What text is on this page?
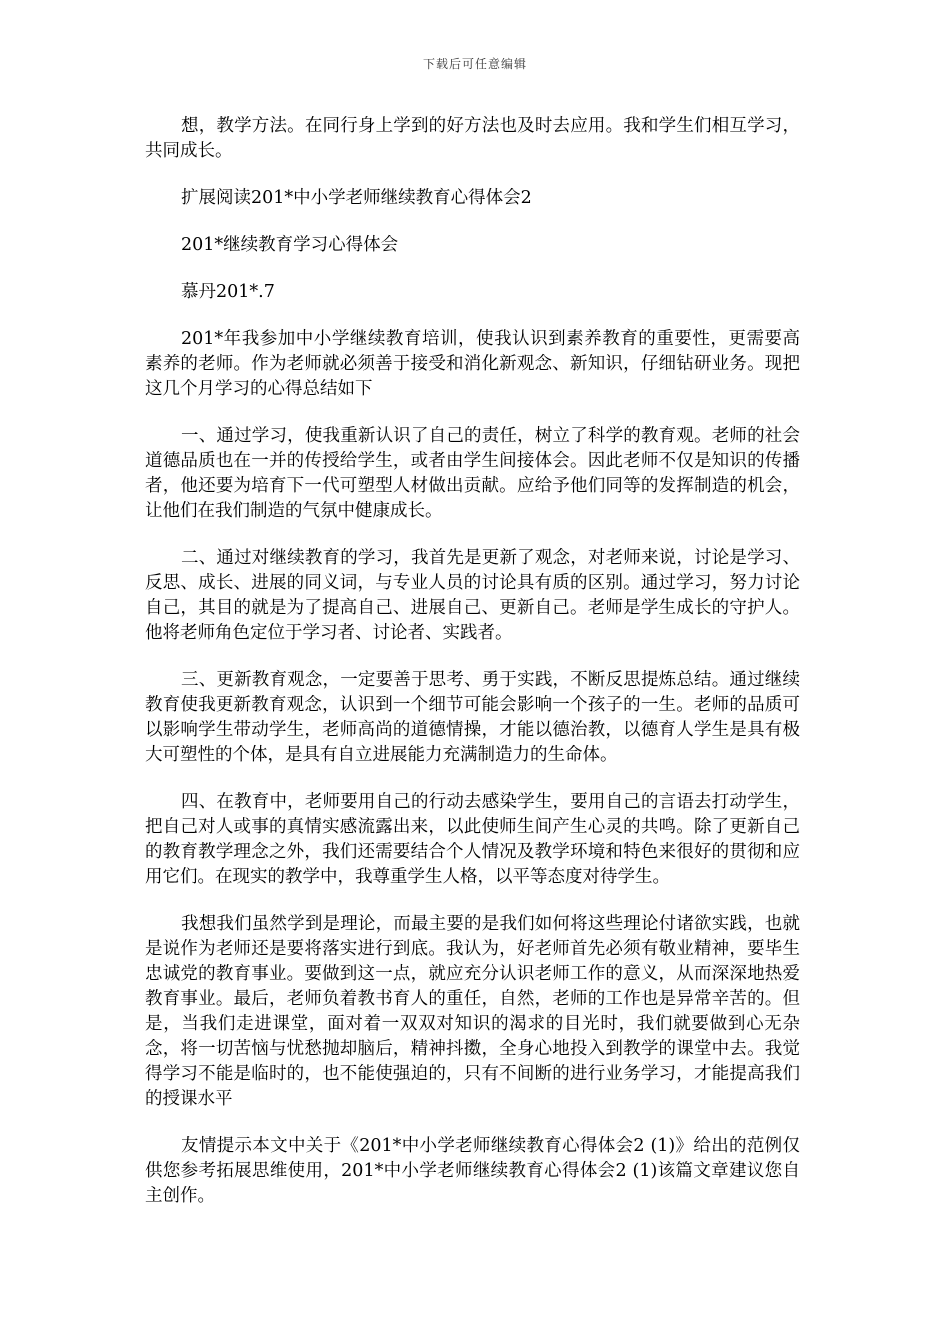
下载后可任意编辑

想，教学方法。在同行身上学到的好方法也及时去应用。我和学生们相互学习，共同成长。

扩展阅读201*中小学老师继续教育心得体会2

201*继续教育学习心得体会

慕丹201*.7

201*年我参加中小学继续教育培训，使我认识到素养教育的重要性，更需要高素养的老师。作为老师就必须善于接受和消化新观念、新知识，仔细钻研业务。现把这几个月学习的心得总结如下

一、通过学习，使我重新认识了自己的责任，树立了科学的教育观。老师的社会道德品质也在一并的传授给学生，或者由学生间接体会。因此老师不仅是知识的传播者，他还要为培育下一代可塑型人材做出贡献。应给予他们同等的发挥制造的机会，让他们在我们制造的气氛中健康成长。

二、通过对继续教育的学习，我首先是更新了观念，对老师来说，讨论是学习、反思、成长、进展的同义词，与专业人员的讨论具有质的区别。通过学习，努力讨论自己，其目的就是为了提高自己、进展自己、更新自己。老师是学生成长的守护人。他将老师角色定位于学习者、讨论者、实践者。

三、更新教育观念，一定要善于思考、勇于实践，不断反思提炼总结。通过继续教育使我更新教育观念，认识到一个细节可能会影响一个孩子的一生。老师的品质可以影响学生带动学生，老师高尚的道德情操，才能以德治教，以德育人学生是具有极大可塑性的个体，是具有自立进展能力充满制造力的生命体。

四、在教育中，老师要用自己的行动去感染学生，要用自己的言语去打动学生，把自己对人或事的真情实感流露出来，以此使师生间产生心灵的共鸣。除了更新自己的教育教学理念之外，我们还需要结合个人情况及教学环境和特色来很好的贯彻和应用它们。在现实的教学中，我尊重学生人格，以平等态度对待学生。

我想我们虽然学到是理论，而最主要的是我们如何将这些理论付诸欲实践，也就是说作为老师还是要将落实进行到底。我认为，好老师首先必须有敬业精神，要毕生忠诚党的教育事业。要做到这一点，就应充分认识老师工作的意义，从而深深地热爱教育事业。最后，老师负着教书育人的重任，自然，老师的工作也是异常辛苦的。但是，当我们走进课堂，面对着一双双对知识的渴求的目光时，我们就要做到心无杂念，将一切苦恼与忧愁抛却脑后，精神抖擞，全身心地投入到教学的课堂中去。我觉得学习不能是临时的，也不能使强迫的，只有不间断的进行业务学习，才能提高我们的授课水平

友情提示本文中关于《201*中小学老师继续教育心得体会2 (1)》给出的范例仅供您参考拓展思维使用，201*中小学老师继续教育心得体会2 (1)该篇文章建议您自主创作。
